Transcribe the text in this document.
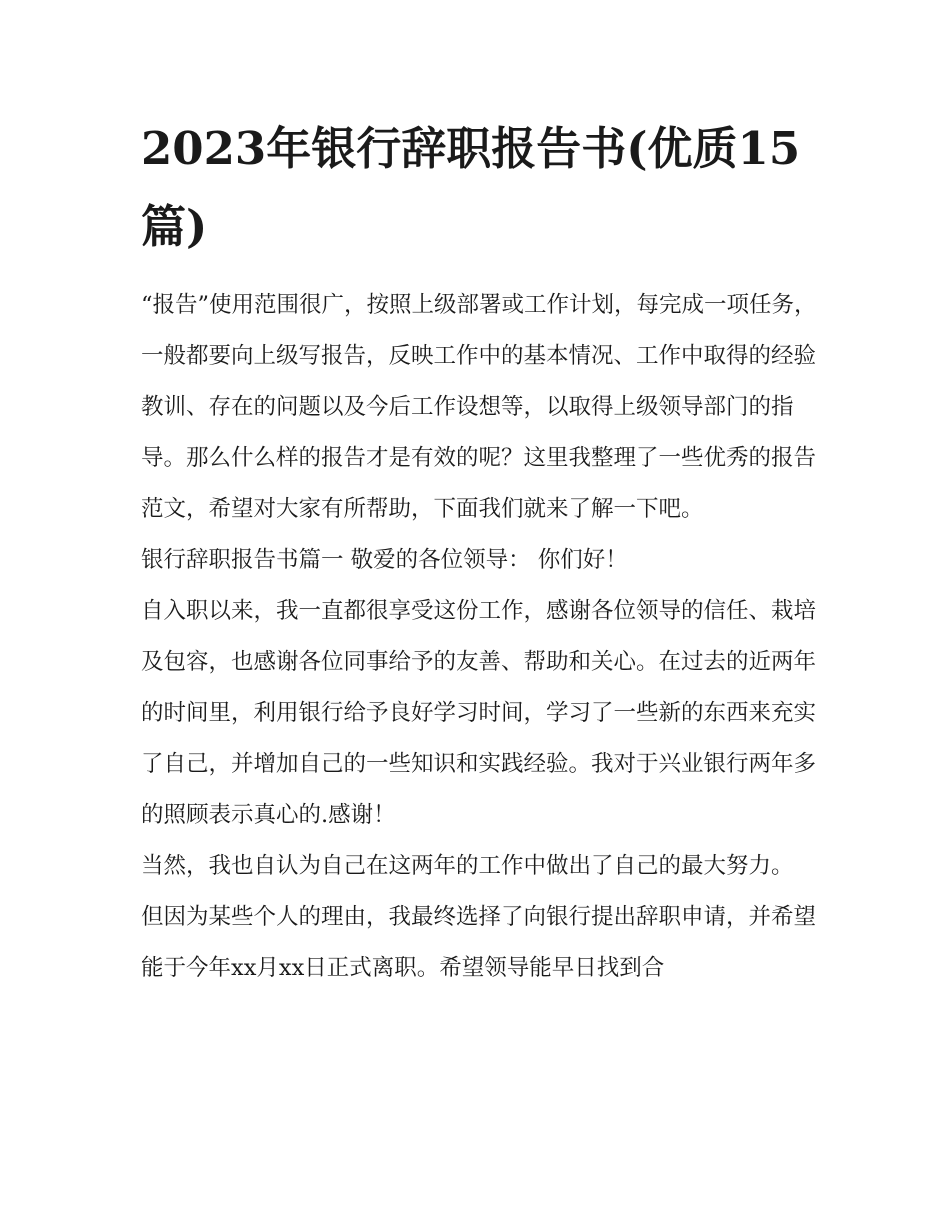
2023年银行辞职报告书(优质15篇)

“报告”使用范围很广，按照上级部署或工作计划，每完成一项任务，一般都要向上级写报告，反映工作中的基本情况、工作中取得的经验教训、存在的问题以及今后工作设想等，以取得上级领导部门的指导。那么什么样的报告才是有效的呢？这里我整理了一些优秀的报告范文，希望对大家有所帮助，下面我们就来了解一下吧。

银行辞职报告书篇一 敬爱的各位领导： 你们好！

自入职以来，我一直都很享受这份工作，感谢各位领导的信任、栽培及包容，也感谢各位同事给予的友善、帮助和关心。在过去的近两年的时间里，利用银行给予良好学习时间，学习了一些新的东西来充实了自己，并增加自己的一些知识和实践经验。我对于兴业银行两年多的照顾表示真心的.感谢！

当然，我也自认为自己在这两年的工作中做出了自己的最大努力。

但因为某些个人的理由，我最终选择了向银行提出辞职申请，并希望能于今年xx月xx日正式离职。希望领导能早日找到合
